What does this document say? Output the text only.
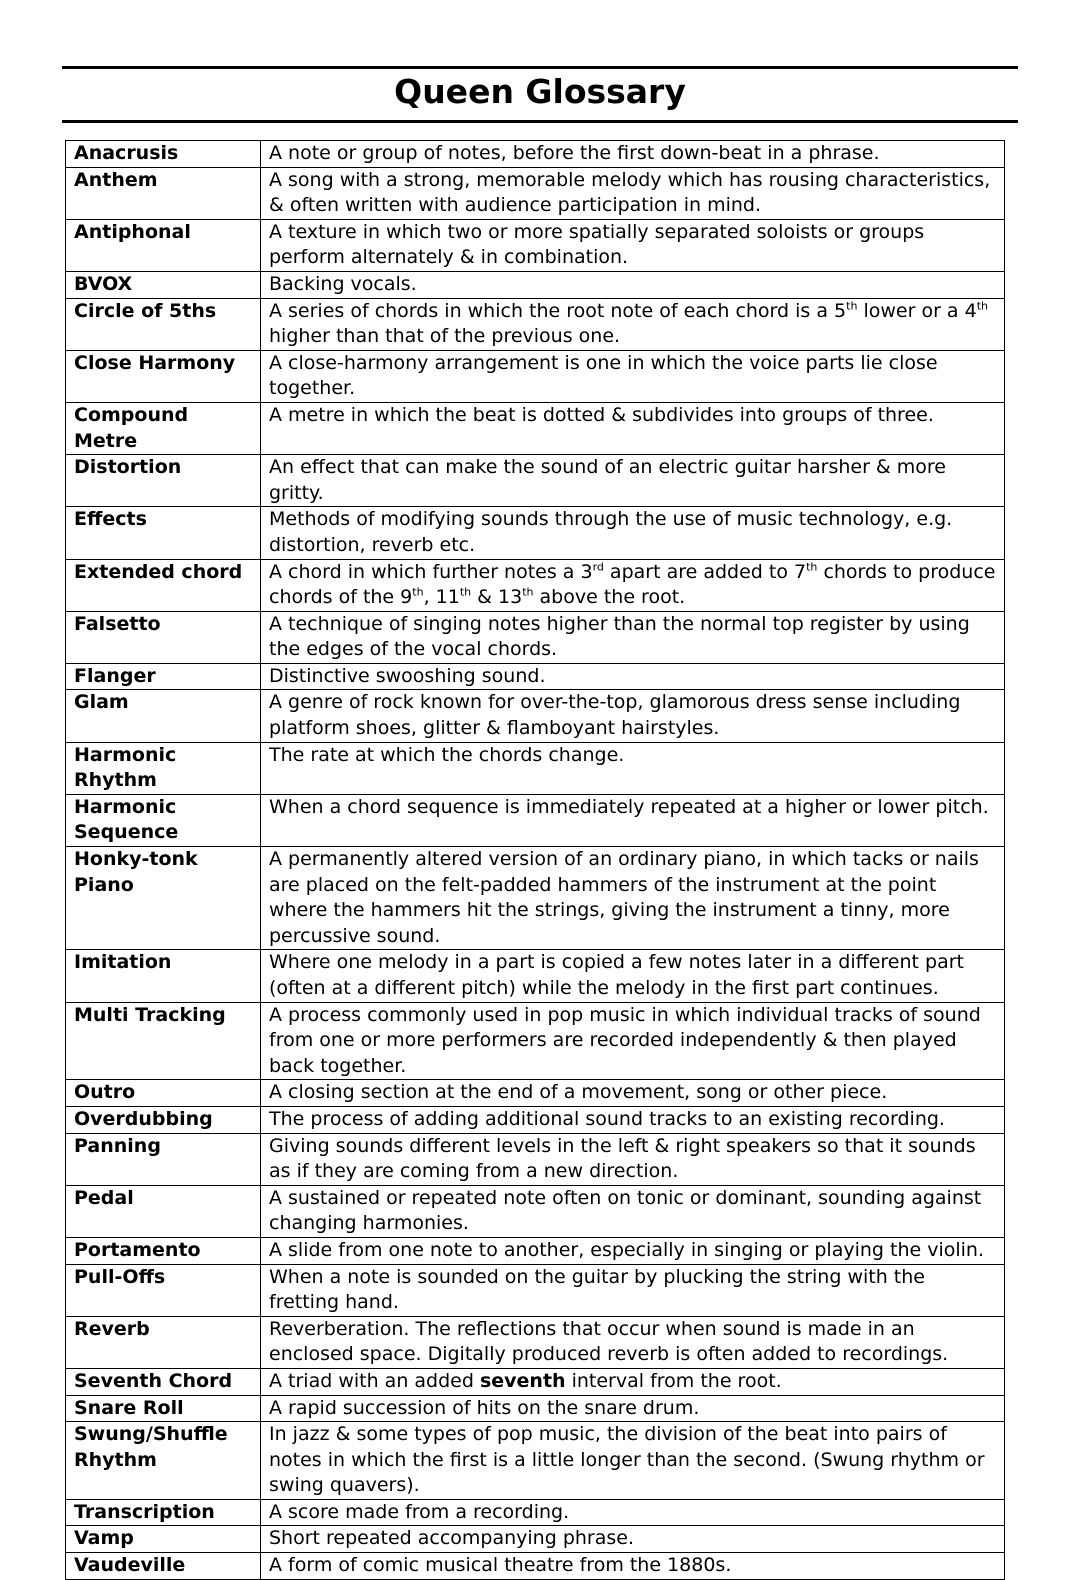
Queen Glossary
Anacrusis	A note or group of notes, before the first down-beat in a phrase.
Anthem	A song with a strong, memorable melody which has rousing characteristics, & often written with audience participation in mind.
Antiphonal	A texture in which two or more spatially separated soloists or groups perform alternately & in combination.
BVOX	Backing vocals.
Circle of 5ths	A series of chords in which the root note of each chord is a 5th lower or a 4th higher than that of the previous one.
Close Harmony	A close-harmony arrangement is one in which the voice parts lie close together.
Compound Metre	A metre in which the beat is dotted & subdivides into groups of three.
Distortion	An effect that can make the sound of an electric guitar harsher & more gritty.
Effects	Methods of modifying sounds through the use of music technology, e.g. distortion, reverb etc.
Extended chord	A chord in which further notes a 3rd apart are added to 7th chords to produce chords of the 9th, 11th & 13th above the root.
Falsetto	A technique of singing notes higher than the normal top register by using the edges of the vocal chords.
Flanger	Distinctive swooshing sound.
Glam	A genre of rock known for over-the-top, glamorous dress sense including platform shoes, glitter & flamboyant hairstyles.
Harmonic Rhythm	The rate at which the chords change.
Harmonic Sequence	When a chord sequence is immediately repeated at a higher or lower pitch.
Honky-tonk Piano	A permanently altered version of an ordinary piano, in which tacks or nails are placed on the felt-padded hammers of the instrument at the point where the hammers hit the strings, giving the instrument a tinny, more percussive sound.
Imitation	Where one melody in a part is copied a few notes later in a different part (often at a different pitch) while the melody in the first part continues.
Multi Tracking	A process commonly used in pop music in which individual tracks of sound from one or more performers are recorded independently & then played back together.
Outro	A closing section at the end of a movement, song or other piece.
Overdubbing	The process of adding additional sound tracks to an existing recording.
Panning	Giving sounds different levels in the left & right speakers so that it sounds as if they are coming from a new direction.
Pedal	A sustained or repeated note often on tonic or dominant, sounding against changing harmonies.
Portamento	A slide from one note to another, especially in singing or playing the violin.
Pull-Offs	When a note is sounded on the guitar by plucking the string with the fretting hand.
Reverb	Reverberation. The reflections that occur when sound is made in an enclosed space. Digitally produced reverb is often added to recordings.
Seventh Chord	A triad with an added seventh interval from the root.
Snare Roll	A rapid succession of hits on the snare drum.
Swung/Shuffle Rhythm	In jazz & some types of pop music, the division of the beat into pairs of notes in which the first is a little longer than the second. (Swung rhythm or swing quavers).
Transcription	A score made from a recording.
Vamp	Short repeated accompanying phrase.
Vaudeville	A form of comic musical theatre from the 1880s.
